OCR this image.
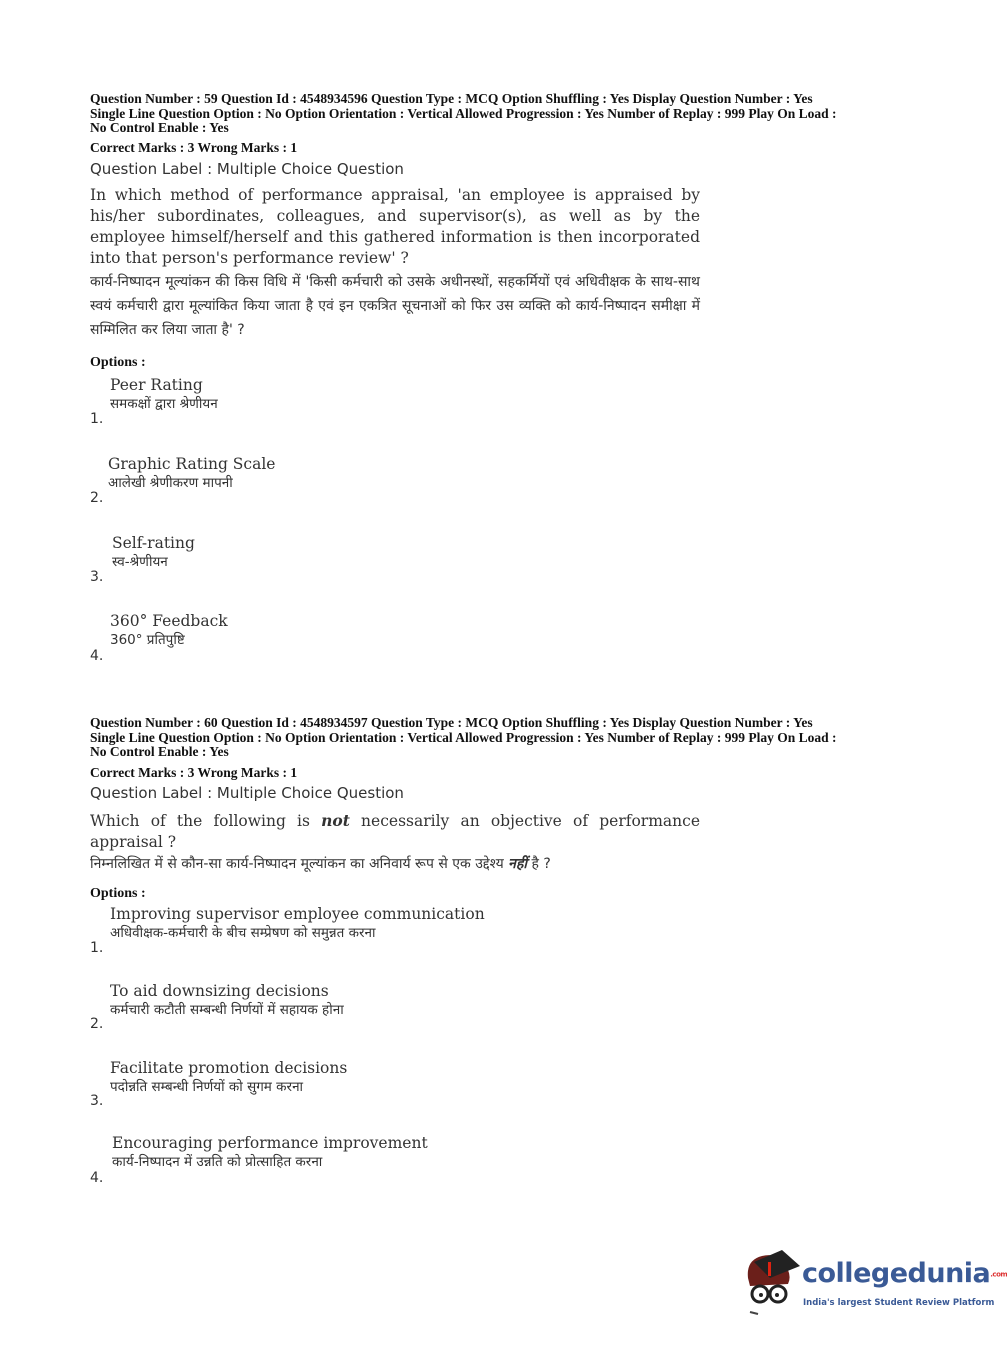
Question Number : 59 Question Id : 4548934596 Question Type : MCQ Option Shuffling : Yes Display Question Number : Yes
Single Line Question Option : No Option Orientation : Vertical Allowed Progression : Yes Number of Replay : 999 Play On Load :
No Control Enable : Yes
Correct Marks : 3 Wrong Marks : 1
Question Label : Multiple Choice Question
In which method of performance appraisal, 'an employee is appraised by his/her subordinates, colleagues, and supervisor(s), as well as by the employee himself/herself and this gathered information is then incorporated into that person's performance review' ?
कार्य-निष्पादन मूल्यांकन की किस विधि में 'किसी कर्मचारी को उसके अधीनस्थों, सहकर्मियों एवं अधिवीक्षक के साथ-साथ स्वयं कर्मचारी द्वारा मूल्यांकित किया जाता है एवं इन एकत्रित सूचनाओं को फिर उस व्यक्ति को कार्य-निष्पादन समीक्षा में सम्मिलित कर लिया जाता है' ?
Options :
Peer Rating
समकक्षों द्वारा श्रेणीयन
1.
Graphic Rating Scale
आलेखी श्रेणीकरण मापनी
2.
Self-rating
स्व-श्रेणीयन
3.
360° Feedback
360° प्रतिपुष्टि
4.
Question Number : 60 Question Id : 4548934597 Question Type : MCQ Option Shuffling : Yes Display Question Number : Yes
Single Line Question Option : No Option Orientation : Vertical Allowed Progression : Yes Number of Replay : 999 Play On Load :
No Control Enable : Yes
Correct Marks : 3 Wrong Marks : 1
Question Label : Multiple Choice Question
Which of the following is not necessarily an objective of performance appraisal ?
निम्नलिखित में से कौन-सा कार्य-निष्पादन मूल्यांकन का अनिवार्य रूप से एक उद्देश्य नहीं है ?
Options :
Improving supervisor employee communication
अधिवीक्षक-कर्मचारी के बीच सम्प्रेषण को समुन्नत करना
1.
To aid downsizing decisions
कर्मचारी कटौती सम्बन्धी निर्णयों में सहायक होना
2.
Facilitate promotion decisions
पदोन्नति सम्बन्धी निर्णयों को सुगम करना
3.
Encouraging performance improvement
कार्य-निष्पादन में उन्नति को प्रोत्साहित करना
4.
collegedunia.com
India's largest Student Review Platform
